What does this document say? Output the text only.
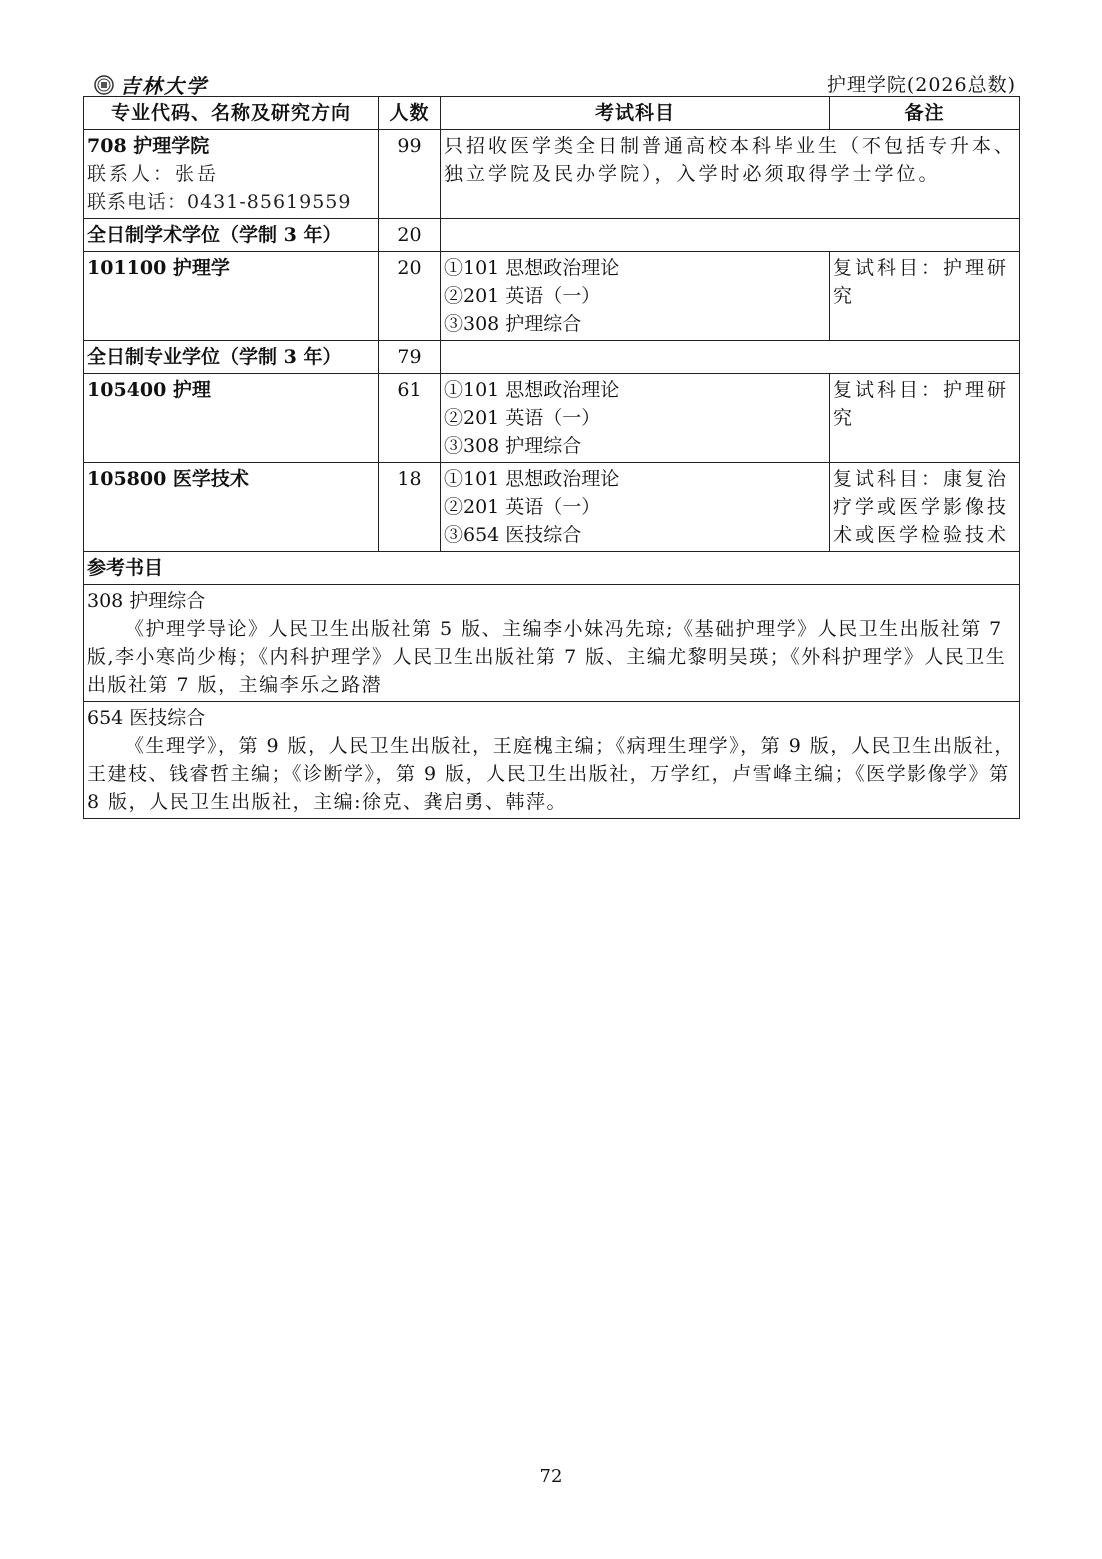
吉林大学	护理学院(2026总数)
专业代码、名称及研究方向	人数	考试科目	备注

708 护理学院
联系人：张岳
联系电话：0431-85619559	99	只招收医学类全日制普通高校本科毕业生（不包括专升本、独立学院及民办学院），入学时必须取得学士学位。	
全日制学术学位（学制 3 年）	20		
101100 护理学	20	①101 思想政治理论
②201 英语（一）
③308 护理综合	复试科目：护理研究
全日制专业学位（学制 3 年）	79		
105400 护理	61	①101 思想政治理论
②201 英语（一）
③308 护理综合	复试科目：护理研究
105800 医学技术	18	①101 思想政治理论
②201 英语（一）
③654 医技综合	复试科目：康复治疗学或医学影像技术或医学检验技术
参考书目			

308 护理综合
《护理学导论》人民卫生出版社第 5 版、主编李小妹冯先琼;《基础护理学》人民卫生出版社第 7 版,李小寒尚少梅；《内科护理学》人民卫生出版社第 7 版、主编尤黎明吴瑛；《外科护理学》人民卫生出版社第 7 版，主编李乐之路潜			

654 医技综合
《生理学》，第 9 版，人民卫生出版社，王庭槐主编；《病理生理学》，第 9 版，人民卫生出版社，王建枝、钱睿哲主编；《诊断学》，第 9 版，人民卫生出版社，万学红，卢雪峰主编；《医学影像学》第 8 版，人民卫生出版社，主编:徐克、龚启勇、韩萍。			
72
